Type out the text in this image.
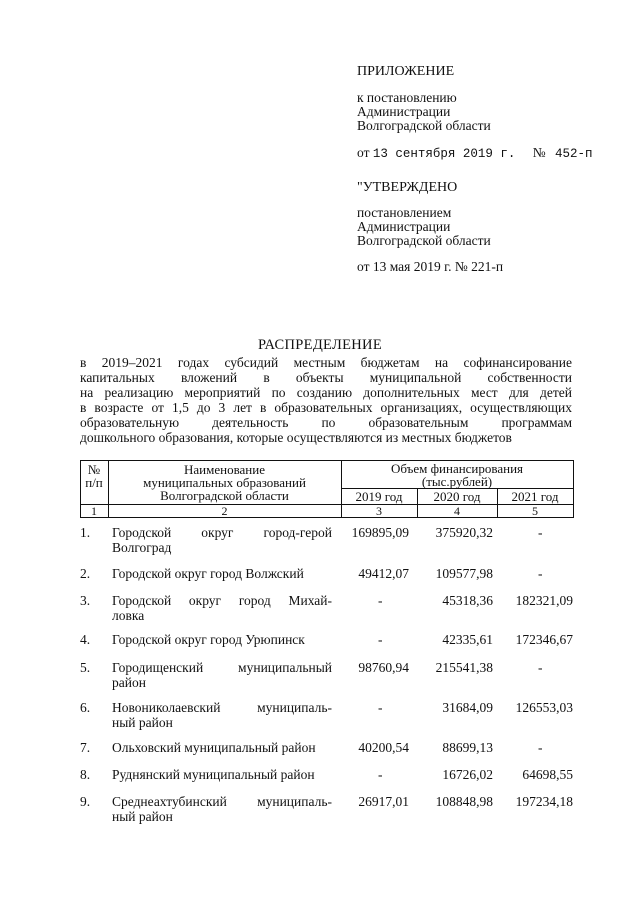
ПРИЛОЖЕНИЕ
к постановлению
Администрации
Волгоградской области
от 13 сентября 2019 г. № 452-п
"УТВЕРЖДЕНО
постановлением
Администрации
Волгоградской области
от 13 мая 2019 г. № 221-п
РАСПРЕДЕЛЕНИЕ
в 2019–2021 годах субсидий местным бюджетам на софинансирование
капитальных вложений в объекты муниципальной собственности
на реализацию мероприятий по созданию дополнительных мест для детей
в возрасте от 1,5 до 3 лет в образовательных организациях, осуществляющих
образовательную деятельность по образовательным программам
дошкольного образования, которые осуществляются из местных бюджетов
№
п/п
Наименование
муниципальных образований
Волгоградской области
Объем финансирования
(тыс.рублей)
2019 год	2020 год	2021 год
1	2	3	4	5
1. Городской округ город-герой
Волгоград
169895,09	375920,32	-
2. Городской округ город Волжский	49412,07	109577,98	-
3. Городской округ город Михай-
ловка
-	45318,36	182321,09
4. Городской округ город Урюпинск	-	42335,61	172346,67
5. Городищенский муниципальный
район
98760,94	215541,38	-
6. Новониколаевский муниципаль-
ный район
-	31684,09	126553,03
7. Ольховский муниципальный район	40200,54	88699,13	-
8. Руднянский муниципальный район	-	16726,02	64698,55
9. Среднеахтубинский муниципаль-
ный район
26917,01	108848,98	197234,18
